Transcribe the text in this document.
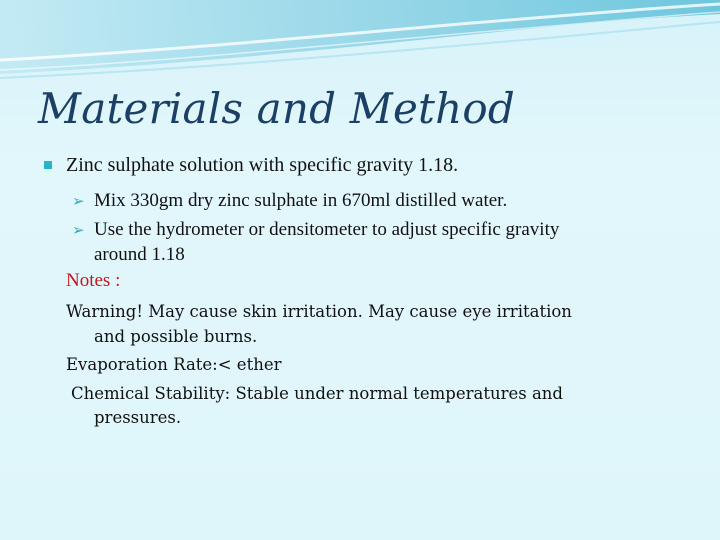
Materials and Method
Zinc sulphate solution with specific gravity 1.18.
➢ Mix 330gm dry zinc sulphate in 670ml distilled water.
➢ Use the hydrometer or densitometer to adjust specific gravity
around 1.18
Notes :
Warning! May cause skin irritation. May cause eye irritation
and possible burns.
Evaporation Rate:< ether
Chemical Stability: Stable under normal temperatures and
pressures.
